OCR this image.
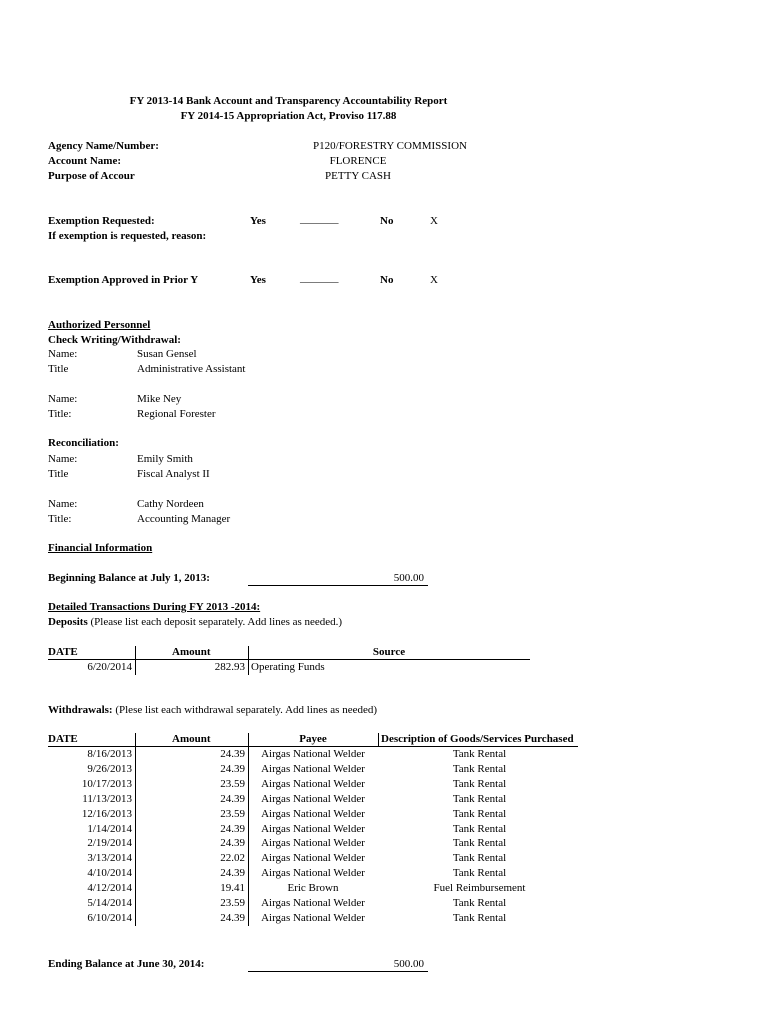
FY 2013-14 Bank Account and Transparency Accountability Report
FY 2014-15 Appropriation Act, Proviso 117.88
Agency Name/Number:	P120/FORESTRY COMMISSION
Account Name:	FLORENCE
Purpose of Accour	PETTY CASH
Exemption Requested:	Yes	_______	No	X
If exemption is requested, reason:
Exemption Approved in Prior Y	Yes	_______	No	X
Authorized Personnel
Check Writing/Withdrawal:
Name:	Susan Gensel
Title	Administrative Assistant
Name:	Mike Ney
Title:	Regional Forester
Reconciliation:
Name:	Emily Smith
Title	Fiscal Analyst II
Name:	Cathy Nordeen
Title:	Accounting Manager
Financial Information
Beginning Balance at July 1, 2013:	500.00
Detailed Transactions During FY 2013 -2014:
Deposits (Please list each deposit separately. Add lines as needed.)
DATE	Amount	Source
6/20/2014	282.93 Operating Funds
Withdrawals: (Plese list each withdrawal separately. Add lines as needed)
DATE	Amount	Payee	Description of Goods/Services Purchased
8/16/2013	24.39	Airgas National Welder	Tank Rental
9/26/2013	24.39	Airgas National Welder	Tank Rental
10/17/2013	23.59	Airgas National Welder	Tank Rental
11/13/2013	24.39	Airgas National Welder	Tank Rental
12/16/2013	23.59	Airgas National Welder	Tank Rental
1/14/2014	24.39	Airgas National Welder	Tank Rental
2/19/2014	24.39	Airgas National Welder	Tank Rental
3/13/2014	22.02	Airgas National Welder	Tank Rental
4/10/2014	24.39	Airgas National Welder	Tank Rental
4/12/2014	19.41	Eric Brown	Fuel Reimbursement
5/14/2014	23.59	Airgas National Welder	Tank Rental
6/10/2014	24.39	Airgas National Welder	Tank Rental
Ending Balance at June 30, 2014:	500.00
